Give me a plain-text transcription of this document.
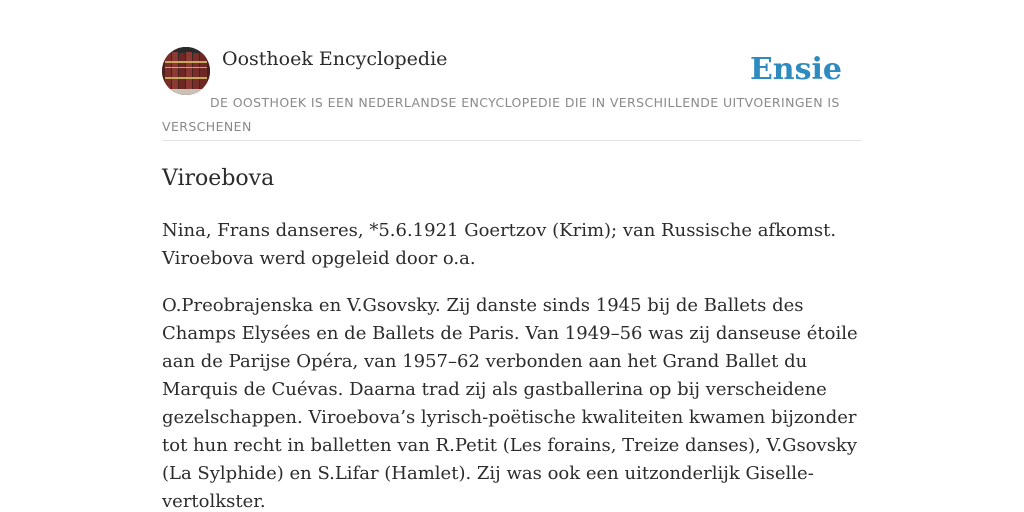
Oosthoek Encyclopedie	Ensie
DE OOSTHOEK IS EEN NEDERLANDSE ENCYCLOPEDIE DIE IN VERSCHILLENDE UITVOERINGEN IS VERSCHENEN
Viroebova

Nina, Frans danseres, *5.6.1921 Goertzov (Krim); van Russische afkomst. Viroebova werd opgeleid door o.a.

O.Preobrajenska en V.Gsovsky. Zij danste sinds 1945 bij de Ballets des Champs Elysées en de Ballets de Paris. Van 1949–56 was zij danseuse étoile aan de Parijse Opéra, van 1957–62 verbonden aan het Grand Ballet du Marquis de Cuévas. Daarna trad zij als gastballerina op bij verscheidene gezelschappen. Viroebova’s lyrisch-poëtische kwaliteiten kwamen bijzonder tot hun recht in balletten van R.Petit (Les forains, Treize danses), V.Gsovsky (La Sylphide) en S.Lifar (Hamlet). Zij was ook een uitzonderlijk Giselle-vertolkster.
